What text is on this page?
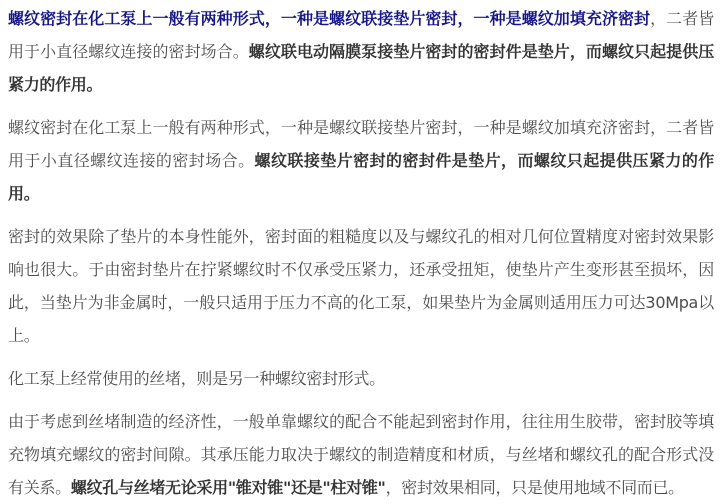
螺纹密封在化工泵上一般有两种形式，一种是螺纹联接垫片密封，一种是螺纹加填充济密封，二者皆用于小直径螺纹连接的密封场合。螺纹联电动隔膜泵接垫片密封的密封件是垫片，而螺纹只起提供压紧力的作用。

螺纹密封在化工泵上一般有两种形式，一种是螺纹联接垫片密封，一种是螺纹加填充济密封，二者皆用于小直径螺纹连接的密封场合。螺纹联接垫片密封的密封件是垫片，而螺纹只起提供压紧力的作用。

密封的效果除了垫片的本身性能外，密封面的粗糙度以及与螺纹孔的相对几何位置精度对密封效果影响也很大。于由密封垫片在拧紧螺纹时不仅承受压紧力，还承受扭矩，使垫片产生变形甚至损坏，因此，当垫片为非金属时，一般只适用于压力不高的化工泵，如果垫片为金属则适用压力可达30Mpa以上。

化工泵上经常使用的丝堵，则是另一种螺纹密封形式。

由于考虑到丝堵制造的经济性，一般单靠螺纹的配合不能起到密封作用，往往用生胶带，密封胶等填充物填充螺纹的密封间隙。其承压能力取决于螺纹的制造精度和材质，与丝堵和螺纹孔的配合形式没有关系。螺纹孔与丝堵无论采用"锥对锥"还是"柱对锥"，密封效果相同，只是使用地域不同而已。
